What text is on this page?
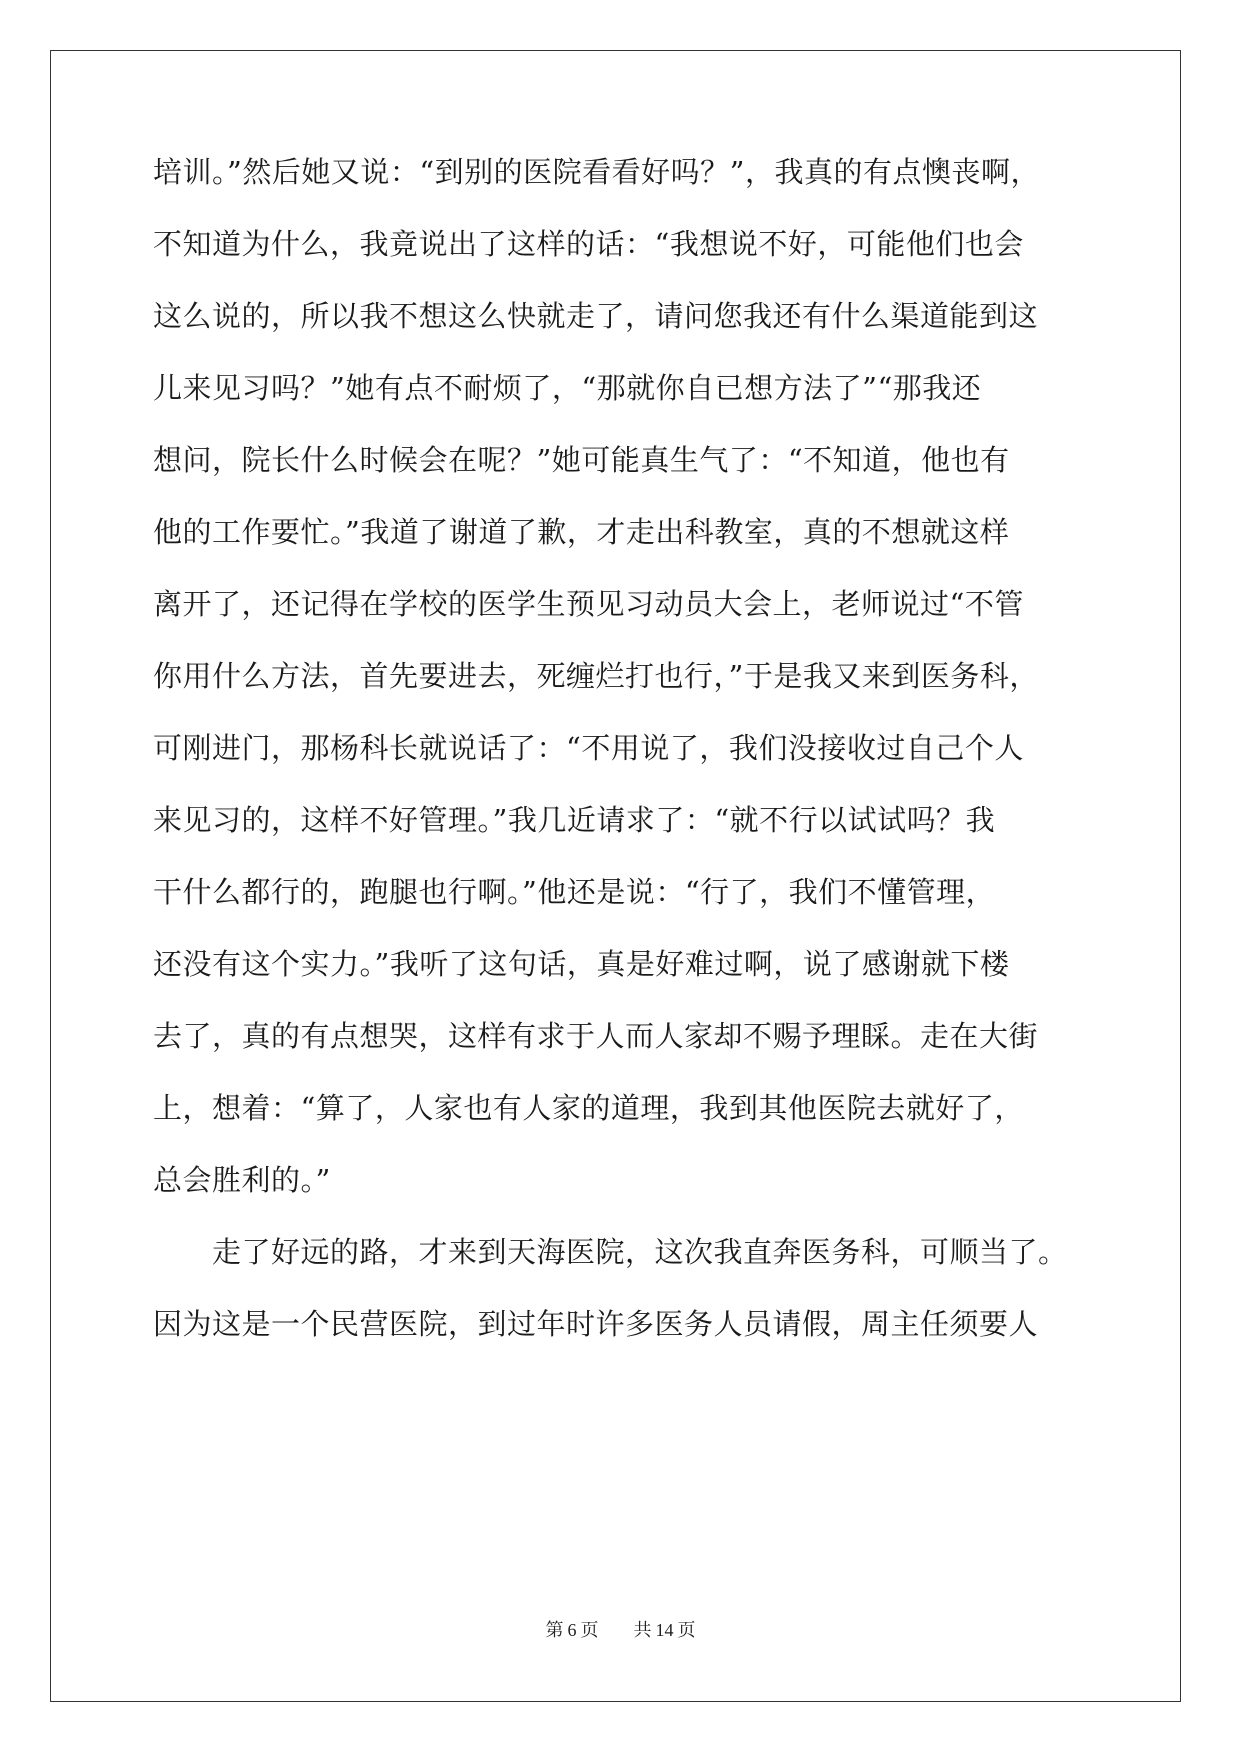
培训。”然后她又说：“到别的医院看看好吗？”，我真的有点懊丧啊，
不知道为什么，我竟说出了这样的话：“我想说不好，可能他们也会
这么说的，所以我不想这么快就走了，请问您我还有什么渠道能到这
儿来见习吗？”她有点不耐烦了，“那就你自已想方法了”“那我还
想问，院长什么时候会在呢？”她可能真生气了：“不知道，他也有
他的工作要忙。”我道了谢道了歉，才走出科教室，真的不想就这样
离开了，还记得在学校的医学生预见习动员大会上，老师说过“不管
你用什么方法，首先要进去，死缠烂打也行，”于是我又来到医务科，
可刚进门，那杨科长就说话了：“不用说了，我们没接收过自己个人
来见习的，这样不好管理。”我几近请求了：“就不行以试试吗？我
干什么都行的，跑腿也行啊。”他还是说：“行了，我们不懂管理，
还没有这个实力。”我听了这句话，真是好难过啊，说了感谢就下楼
去了，真的有点想哭，这样有求于人而人家却不赐予理睬。走在大街
上，想着：“算了，人家也有人家的道理，我到其他医院去就好了，
总会胜利的。”
走了好远的路，才来到天海医院，这次我直奔医务科，可顺当了。
因为这是一个民营医院，到过年时许多医务人员请假，周主任须要人
第 6 页 共 14 页
